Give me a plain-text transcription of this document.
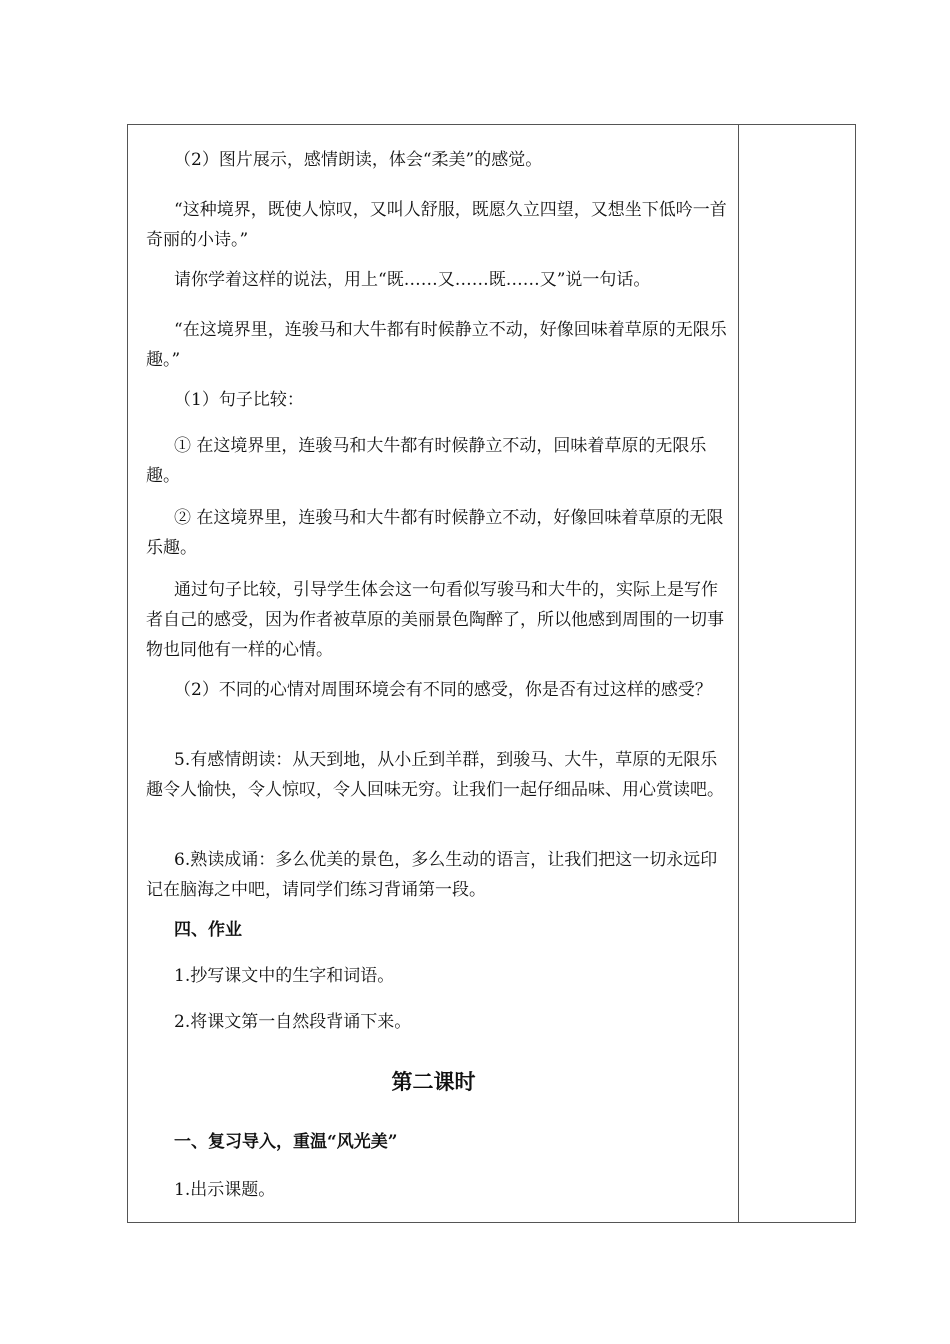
（2）图片展示，感情朗读，体会“柔美”的感觉。

“这种境界，既使人惊叹，又叫人舒服，既愿久立四望，又想坐下低吟一首奇丽的小诗。”

请你学着这样的说法，用上“既……又……既……又”说一句话。

“在这境界里，连骏马和大牛都有时候静立不动，好像回味着草原的无限乐趣。”

（1）句子比较：

① 在这境界里，连骏马和大牛都有时候静立不动，回味着草原的无限乐趣。

② 在这境界里，连骏马和大牛都有时候静立不动，好像回味着草原的无限乐趣。

通过句子比较，引导学生体会这一句看似写骏马和大牛的，实际上是写作者自己的感受，因为作者被草原的美丽景色陶醉了，所以他感到周围的一切事物也同他有一样的心情。

（2）不同的心情对周围环境会有不同的感受，你是否有过这样的感受？

5.有感情朗读：从天到地，从小丘到羊群，到骏马、大牛，草原的无限乐趣令人愉快，令人惊叹，令人回味无穷。让我们一起仔细品味、用心赏读吧。

6.熟读成诵：多么优美的景色，多么生动的语言，让我们把这一切永远印记在脑海之中吧，请同学们练习背诵第一段。

四、作业

1.抄写课文中的生字和词语。

2.将课文第一自然段背诵下来。

第二课时

一、复习导入，重温“风光美”

1.出示课题。
